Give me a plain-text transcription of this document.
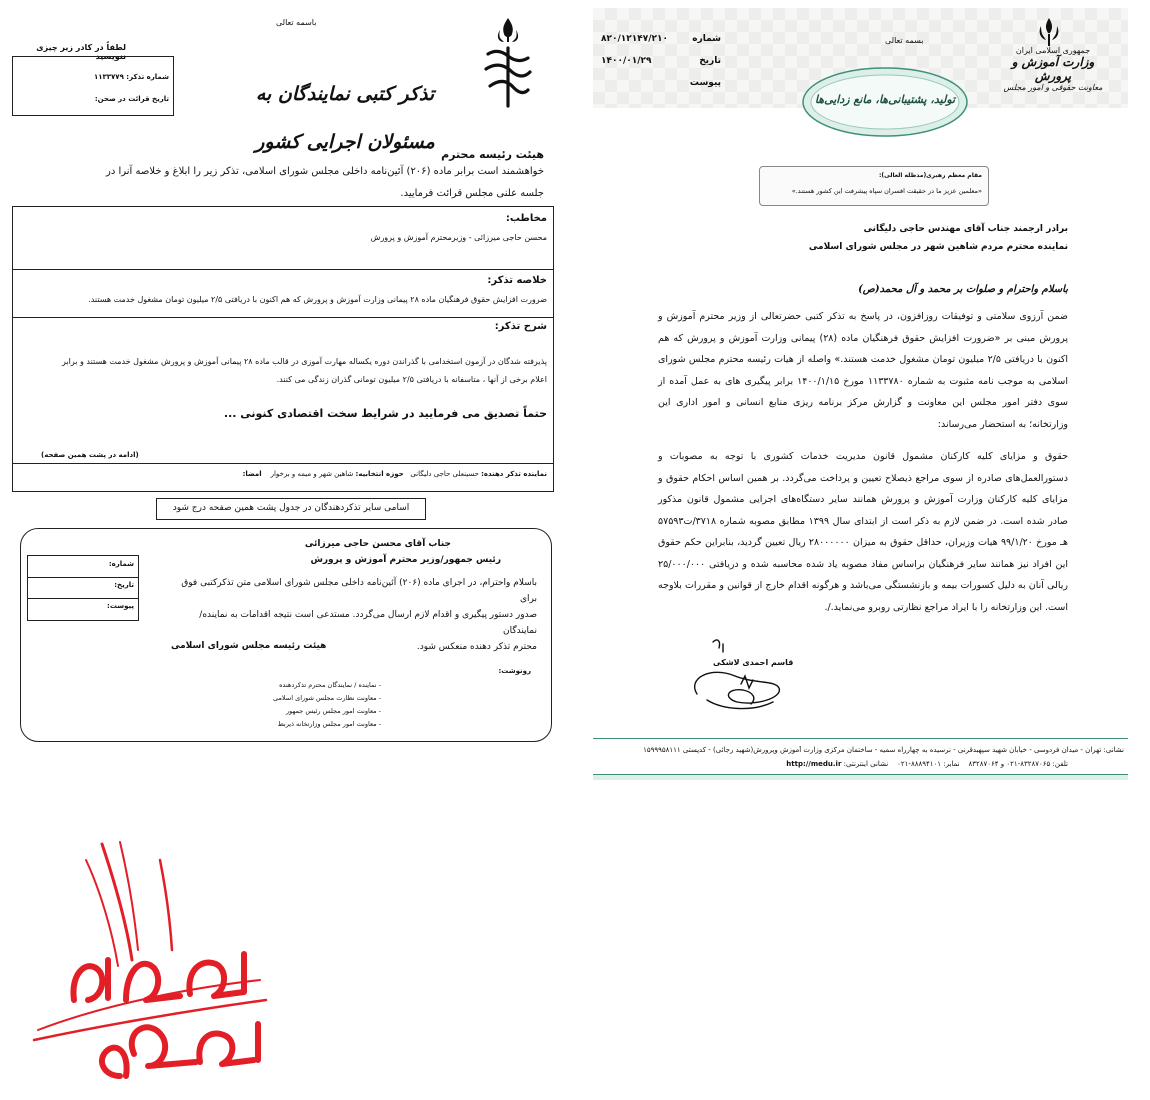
لطفاً در کادر زیر چیزی ننویسید
شماره تذکر: ۱۱۳۳۷۷۹
تاریخ قرائت در صحن:
باسمه تعالی
تذکر کتبی نمایندگان به مسئولان اجرایی کشور
هیئت رئیسه محترم
خواهشمند است برابر ماده (۲۰۶) آئین‌نامه داخلی مجلس شورای اسلامی، تذکر زیر را ابلاغ و خلاصه آنرا در
جلسه علنی مجلس قرائت فرمایید.
مخاطب:
محسن حاجی میرزائی - وزیرمحترم آموزش و پرورش
خلاصه تذکر:
ضرورت افزایش حقوق فرهنگیان ماده ۲۸ پیمانی وزارت آموزش و پرورش که هم اکنون با دریافتی ۲/۵ میلیون تومان مشغول خدمت هستند.
شرح تذکر:
پذیرفته شدگان در آزمون استخدامی با گذراندن دوره یکساله مهارت آموزی در قالب ماده ۲۸ پیمانی آموزش و پرورش مشغول خدمت هستند و برابر
اعلام برخی از آنها ، متاسفانه با دریافتی ۲/۵ میلیون تومانی گذران زندگی می کنند.
حتماً تصدیق می فرمایید در شرایط سخت اقتصادی کنونی ...
(ادامه در پشت همین صفحه)
نماینده تذکر دهنده: حسینعلی حاجی دلیگانی   حوزه انتخابیه: شاهین شهر و میمه و برخوار    امضا:
اسامی سایر تذکردهندگان در جدول پشت همین صفحه درج شود
جناب آقای محسن حاجی میرزائی
رئیس جمهور/وزیر محترم آموزش و پرورش
باسلام واحترام، در اجرای ماده (۲۰۶) آئین‌نامه داخلی مجلس شورای اسلامی متن تذکرکتبی فوق برای
صدور دستور پیگیری و اقدام لازم ارسال می‌گردد. مستدعی است نتیجه اقدامات به نماینده/ نمایندگان
محترم تذکر دهنده منعکس شود.
شماره:
تاریخ:
پیوست:
هیئت رئیسه مجلس شورای اسلامی
رونوشت:
- نماینده / نمایندگان محترم تذکردهنده
- معاونت نظارت مجلس شورای اسلامی
- معاونت امور مجلس رئیس جمهور
- معاونت امور مجلس وزارتخانه ذیربط
جمهوری اسلامی ایران
وزارت آموزش و پرورش
معاونت حقوقی و امور مجلس
بسمه تعالی
شماره
۸۲۰/۱۲۱۴۷/۲۱۰
تاریخ
۱۴۰۰/۰۱/۲۹
پیوست
تولید، پشتیبانی‌ها، مانع زدایی‌ها
مقام معظم رهبری(مدظله العالی):
«معلمین عزیز ما در حقیقت افسران سپاه پیشرفت این کشور هستند.»
برادر ارجمند جناب آقای مهندس حاجی دلیگانی
نماینده محترم مردم شاهین شهر در مجلس شورای اسلامی
باسلام واحترام و صلوات بر محمد و آل محمد(ص)
ضمن آرزوی سلامتی و توفیقات روزافزون، در پاسخ به تذکر کتبی حضرتعالی از وزیر محترم آموزش و پرورش مبنی بر «ضرورت افزایش حقوق فرهنگیان ماده (۲۸) پیمانی وزارت آموزش و پرورش که هم اکنون با دریافتی ۲/۵ میلیون تومان مشغول خدمت هستند.» واصله از هیات رئیسه محترم مجلس شورای اسلامی به موجب نامه مثبوت به شماره ۱۱۳۳۷۸۰ مورخ ۱۴۰۰/۱/۱۵ برابر پیگیری های به عمل آمده از سوی دفتر امور مجلس این معاونت و گزارش مرکز برنامه ریزی منابع انسانی و امور اداری این وزارتخانه؛ به استحضار می‌رساند:
حقوق و مزایای کلیه کارکنان مشمول قانون مدیریت خدمات کشوری با توجه به مصوبات و دستورالعمل‌های صادره از سوی مراجع ذیصلاح تعیین و پرداخت می‌گردد. بر همین اساس احکام حقوق و مزایای کلیه کارکنان وزارت آموزش و پرورش همانند سایر دستگاه‌های اجرایی مشمول قانون مذکور صادر شده است. در ضمن لازم به ذکر است از ابتدای سال ۱۳۹۹ مطابق مصوبه شماره ۳۷۱۸/ت۵۷۵۹۳ هـ مورخ ۹۹/۱/۲۰ هیات وزیران، حداقل حقوق به میزان ۲۸۰۰۰۰۰۰ ریال تعیین گردید، بنابراین حکم حقوق این افراد نیز همانند سایر فرهنگیان براساس مفاد مصوبه یاد شده محاسبه شده و دریافتی ۲۵/۰۰۰/۰۰۰ ریالی آنان به دلیل کسورات بیمه و بازنشستگی می‌باشد و هرگونه اقدام خارج از قوانین و مقررات بلاوجه است. این وزارتخانه را با ایراد مراجع نظارتی روبرو می‌نماید./.
قاسم احمدی لاشکی
نشانی: تهران - میدان فردوسی - خیابان شهید سپهبدقرنی - نرسیده به چهارراه سمیه - ساختمان مرکزی وزارت آموزش وپرورش(شهید رجائی) - کدپستی ۱۵۹۹۹۵۸۱۱۱
تلفن: ۸۳۲۸۷۰۶۵-۰۲۱ و ۸۳۲۸۷۰۶۴    نمابر: ۸۸۸۹۴۱۰۱-۰۲۱    نشانی اینترنتی: http://medu.ir
